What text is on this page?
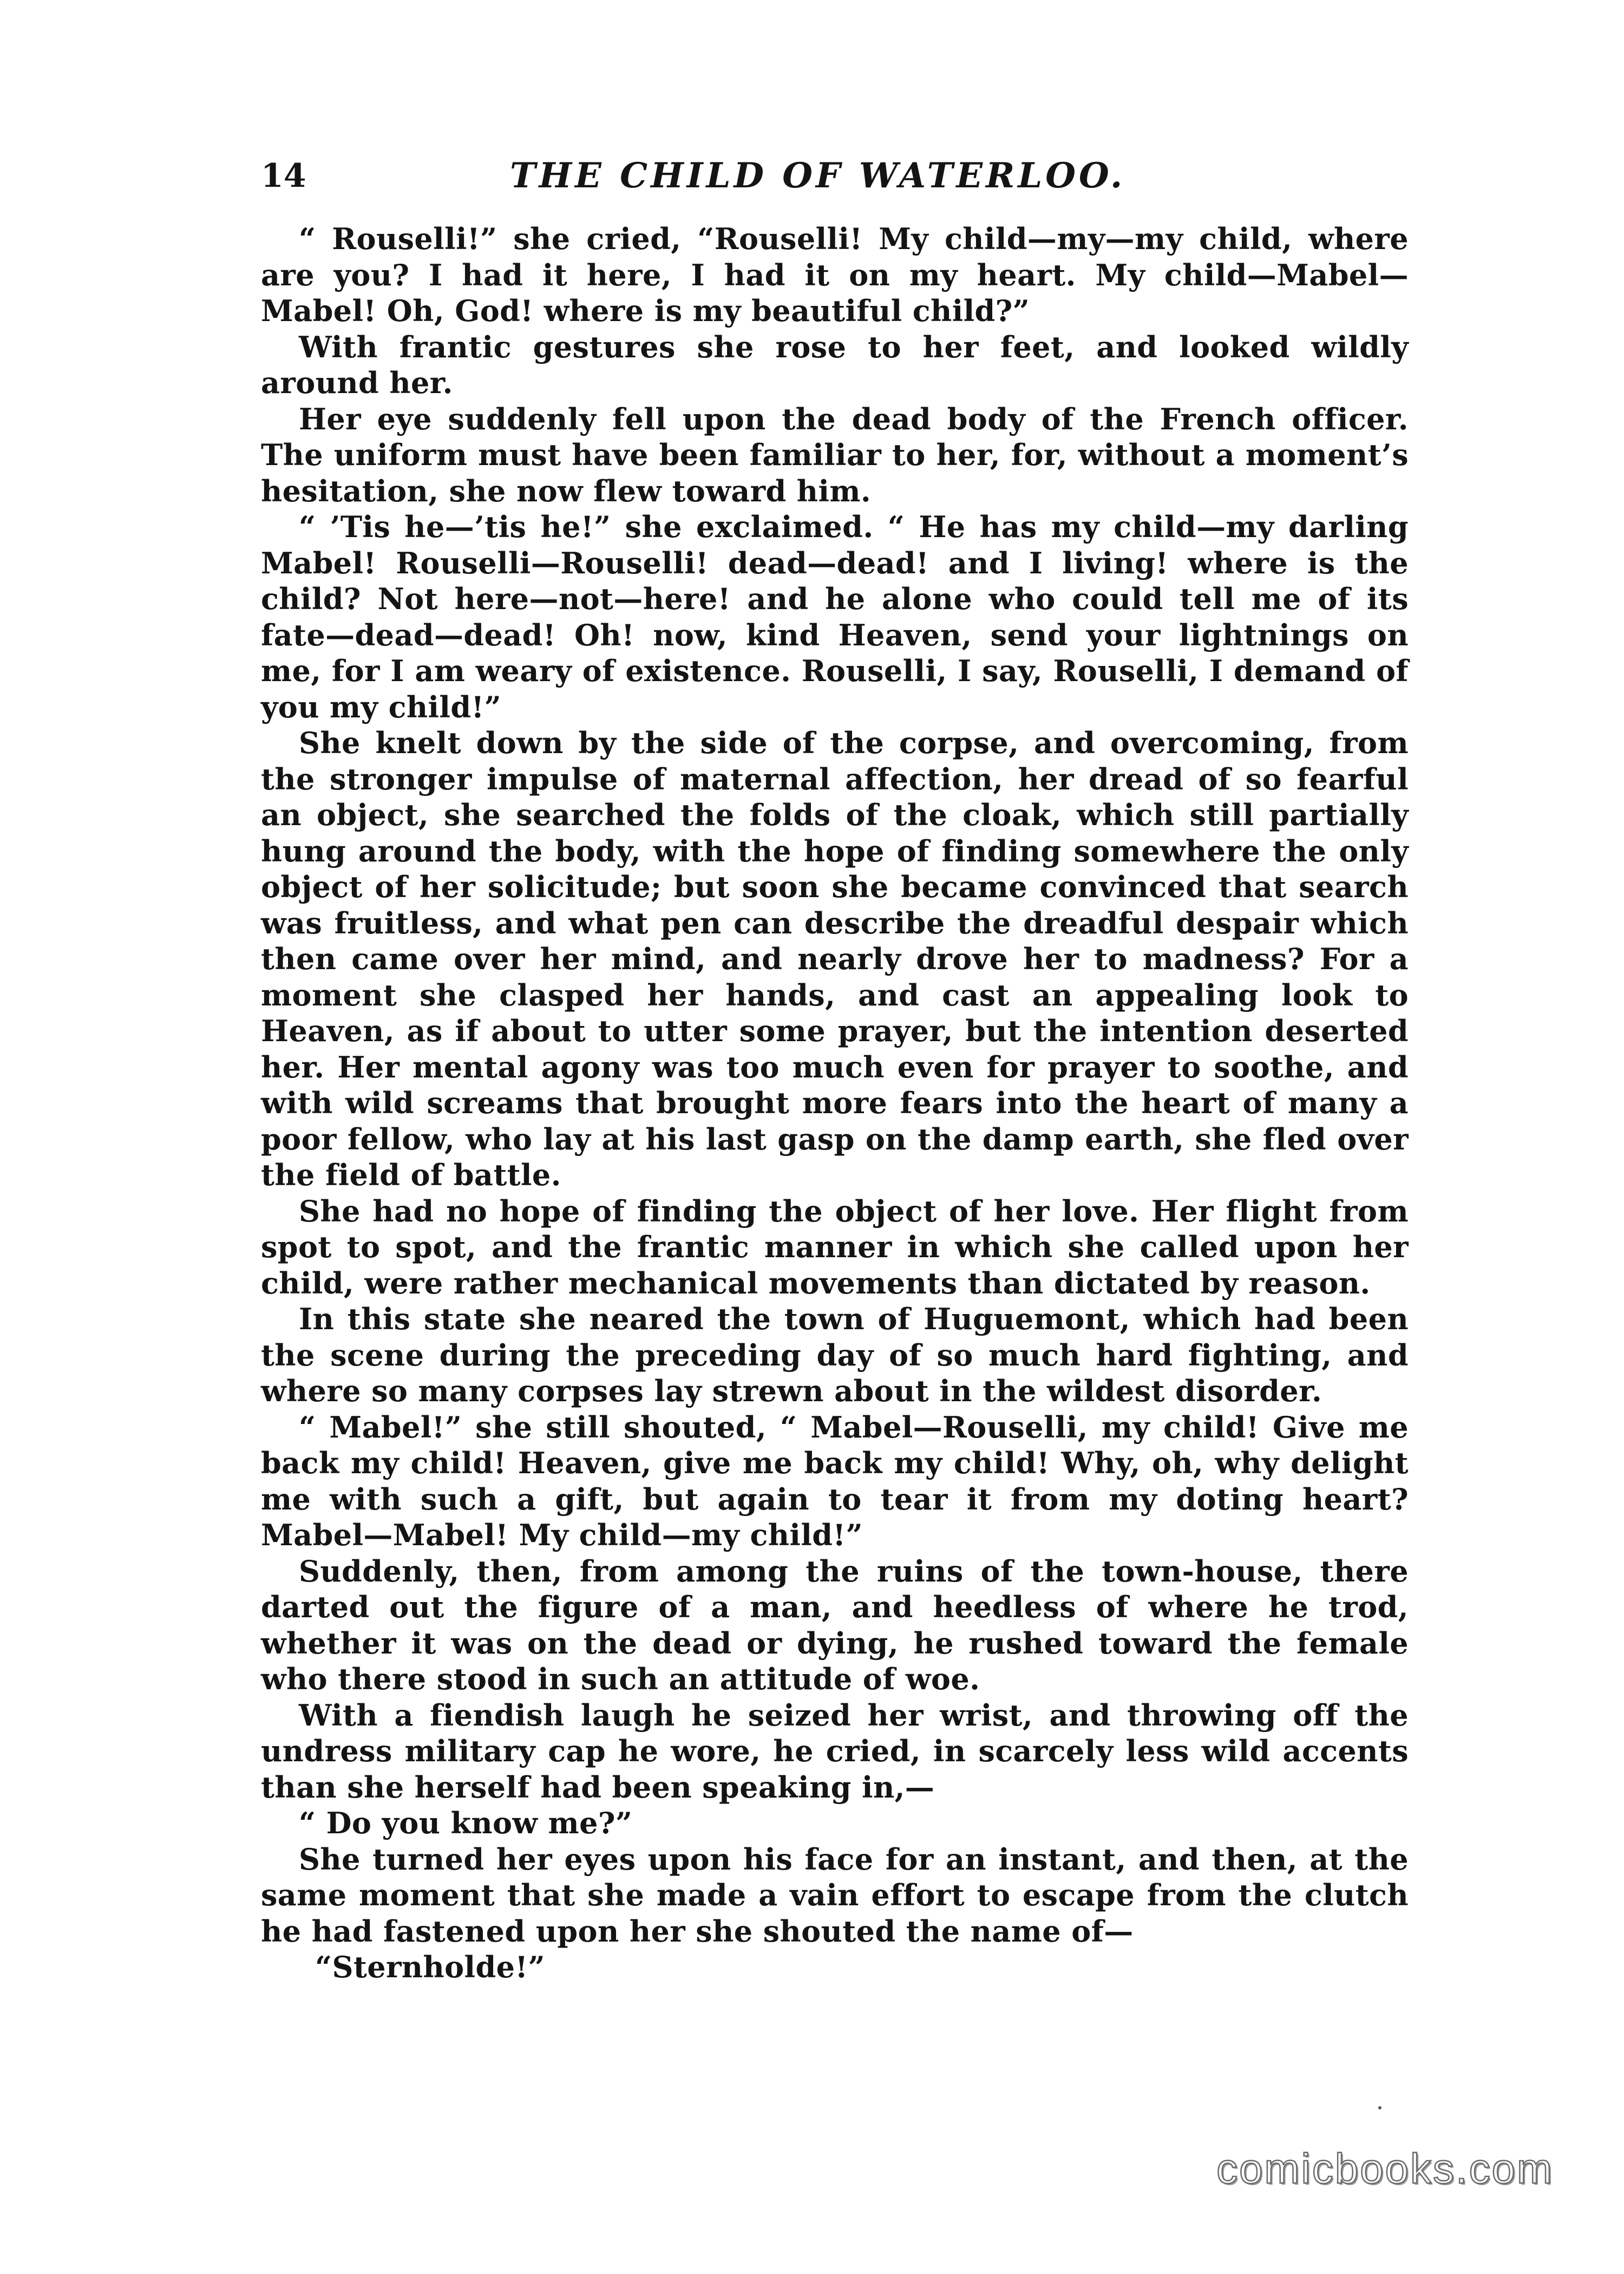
14	THE CHILD OF WATERLOO.

“ Rouselli!” she cried, “Rouselli! My child—my—my child, where are you? I had it here, I had it on my heart. My child—Mabel—Mabel! Oh, God! where is my beautiful child?”

With frantic gestures she rose to her feet, and looked wildly around her.

Her eye suddenly fell upon the dead body of the French officer. The uniform must have been familiar to her, for, without a moment’s hesitation, she now flew toward him.

“ ’Tis he—’tis he!” she exclaimed. “ He has my child—my darling Mabel! Rouselli—Rouselli! dead—dead! and I living! where is the child? Not here—not—here! and he alone who could tell me of its fate—dead—dead! Oh! now, kind Heaven, send your lightnings on me, for I am weary of existence. Rouselli, I say, Rouselli, I demand of you my child!”

She knelt down by the side of the corpse, and overcoming, from the stronger impulse of maternal affection, her dread of so fearful an object, she searched the folds of the cloak, which still partially hung around the body, with the hope of finding somewhere the only object of her solicitude; but soon she became convinced that search was fruitless, and what pen can describe the dreadful despair which then came over her mind, and nearly drove her to madness? For a moment she clasped her hands, and cast an appealing look to Heaven, as if about to utter some prayer, but the intention deserted her. Her mental agony was too much even for prayer to soothe, and with wild screams that brought more fears into the heart of many a poor fellow, who lay at his last gasp on the damp earth, she fled over the field of battle.

She had no hope of finding the object of her love. Her flight from spot to spot, and the frantic manner in which she called upon her child, were rather mechanical movements than dictated by reason.

In this state she neared the town of Huguemont, which had been the scene during the preceding day of so much hard fighting, and where so many corpses lay strewn about in the wildest disorder.

“ Mabel!” she still shouted, “ Mabel—Rouselli, my child! Give me back my child! Heaven, give me back my child! Why, oh, why delight me with such a gift, but again to tear it from my doting heart? Mabel—Mabel! My child—my child!”

Suddenly, then, from among the ruins of the town-house, there darted out the figure of a man, and heedless of where he trod, whether it was on the dead or dying, he rushed toward the female who there stood in such an attitude of woe.

With a fiendish laugh he seized her wrist, and throwing off the undress military cap he wore, he cried, in scarcely less wild accents than she herself had been speaking in,—

“ Do you know me?”

She turned her eyes upon his face for an instant, and then, at the same moment that she made a vain effort to escape from the clutch he had fastened upon her she shouted the name of—

“Sternholde!”

comicbooks.com
